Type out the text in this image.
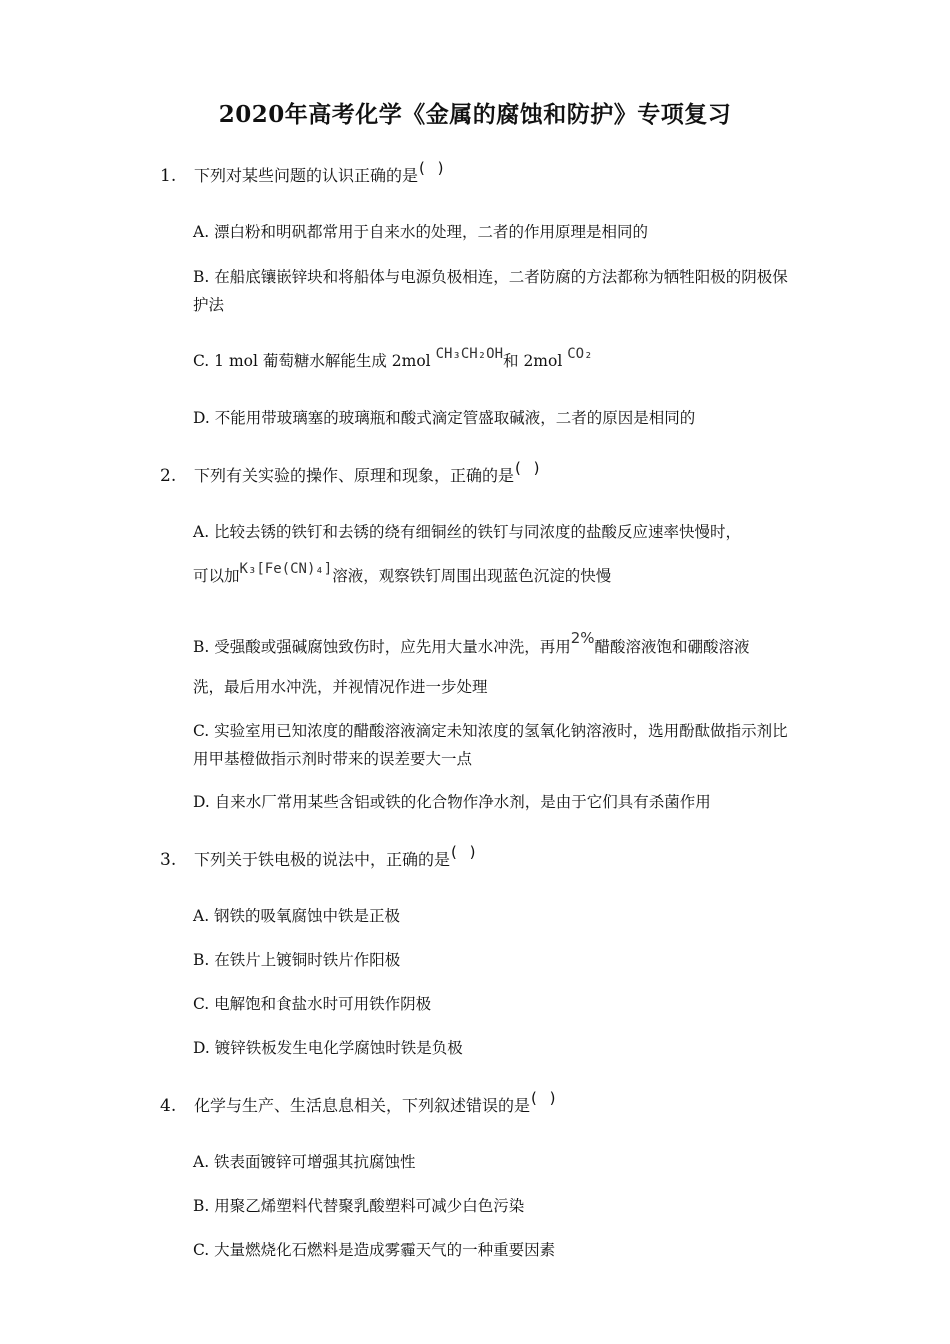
2020年高考化学《金属的腐蚀和防护》专项复习
1. 下列对某些问题的认识正确的是( )
A. 漂白粉和明矾都常用于自来水的处理，二者的作用原理是相同的
B. 在船底镶嵌锌块和将船体与电源负极相连，二者防腐的方法都称为牺牲阳极的阴极保护法
C. 1 mol 葡萄糖水解能生成 2mol CH₃CH₂OH和 2mol CO₂
D. 不能用带玻璃塞的玻璃瓶和酸式滴定管盛取碱液，二者的原因是相同的
2. 下列有关实验的操作、原理和现象，正确的是( )
A. 比较去锈的铁钉和去锈的绕有细铜丝的铁钉与同浓度的盐酸反应速率快慢时，
可以加K₃[Fe(CN)₄]溶液，观察铁钉周围出现蓝色沉淀的快慢
B. 受强酸或强碱腐蚀致伤时，应先用大量水冲洗，再用2%醋酸溶液饱和硼酸溶液
洗，最后用水冲洗，并视情况作进一步处理
C. 实验室用已知浓度的醋酸溶液滴定未知浓度的氢氧化钠溶液时，选用酚酞做指示剂比用甲基橙做指示剂时带来的误差要大一点
D. 自来水厂常用某些含铝或铁的化合物作净水剂，是由于它们具有杀菌作用
3. 下列关于铁电极的说法中，正确的是( )
A. 钢铁的吸氧腐蚀中铁是正极
B. 在铁片上镀铜时铁片作阳极
C. 电解饱和食盐水时可用铁作阴极
D. 镀锌铁板发生电化学腐蚀时铁是负极
4. 化学与生产、生活息息相关，下列叙述错误的是( )
A. 铁表面镀锌可增强其抗腐蚀性
B. 用聚乙烯塑料代替聚乳酸塑料可减少白色污染
C. 大量燃烧化石燃料是造成雾霾天气的一种重要因素
